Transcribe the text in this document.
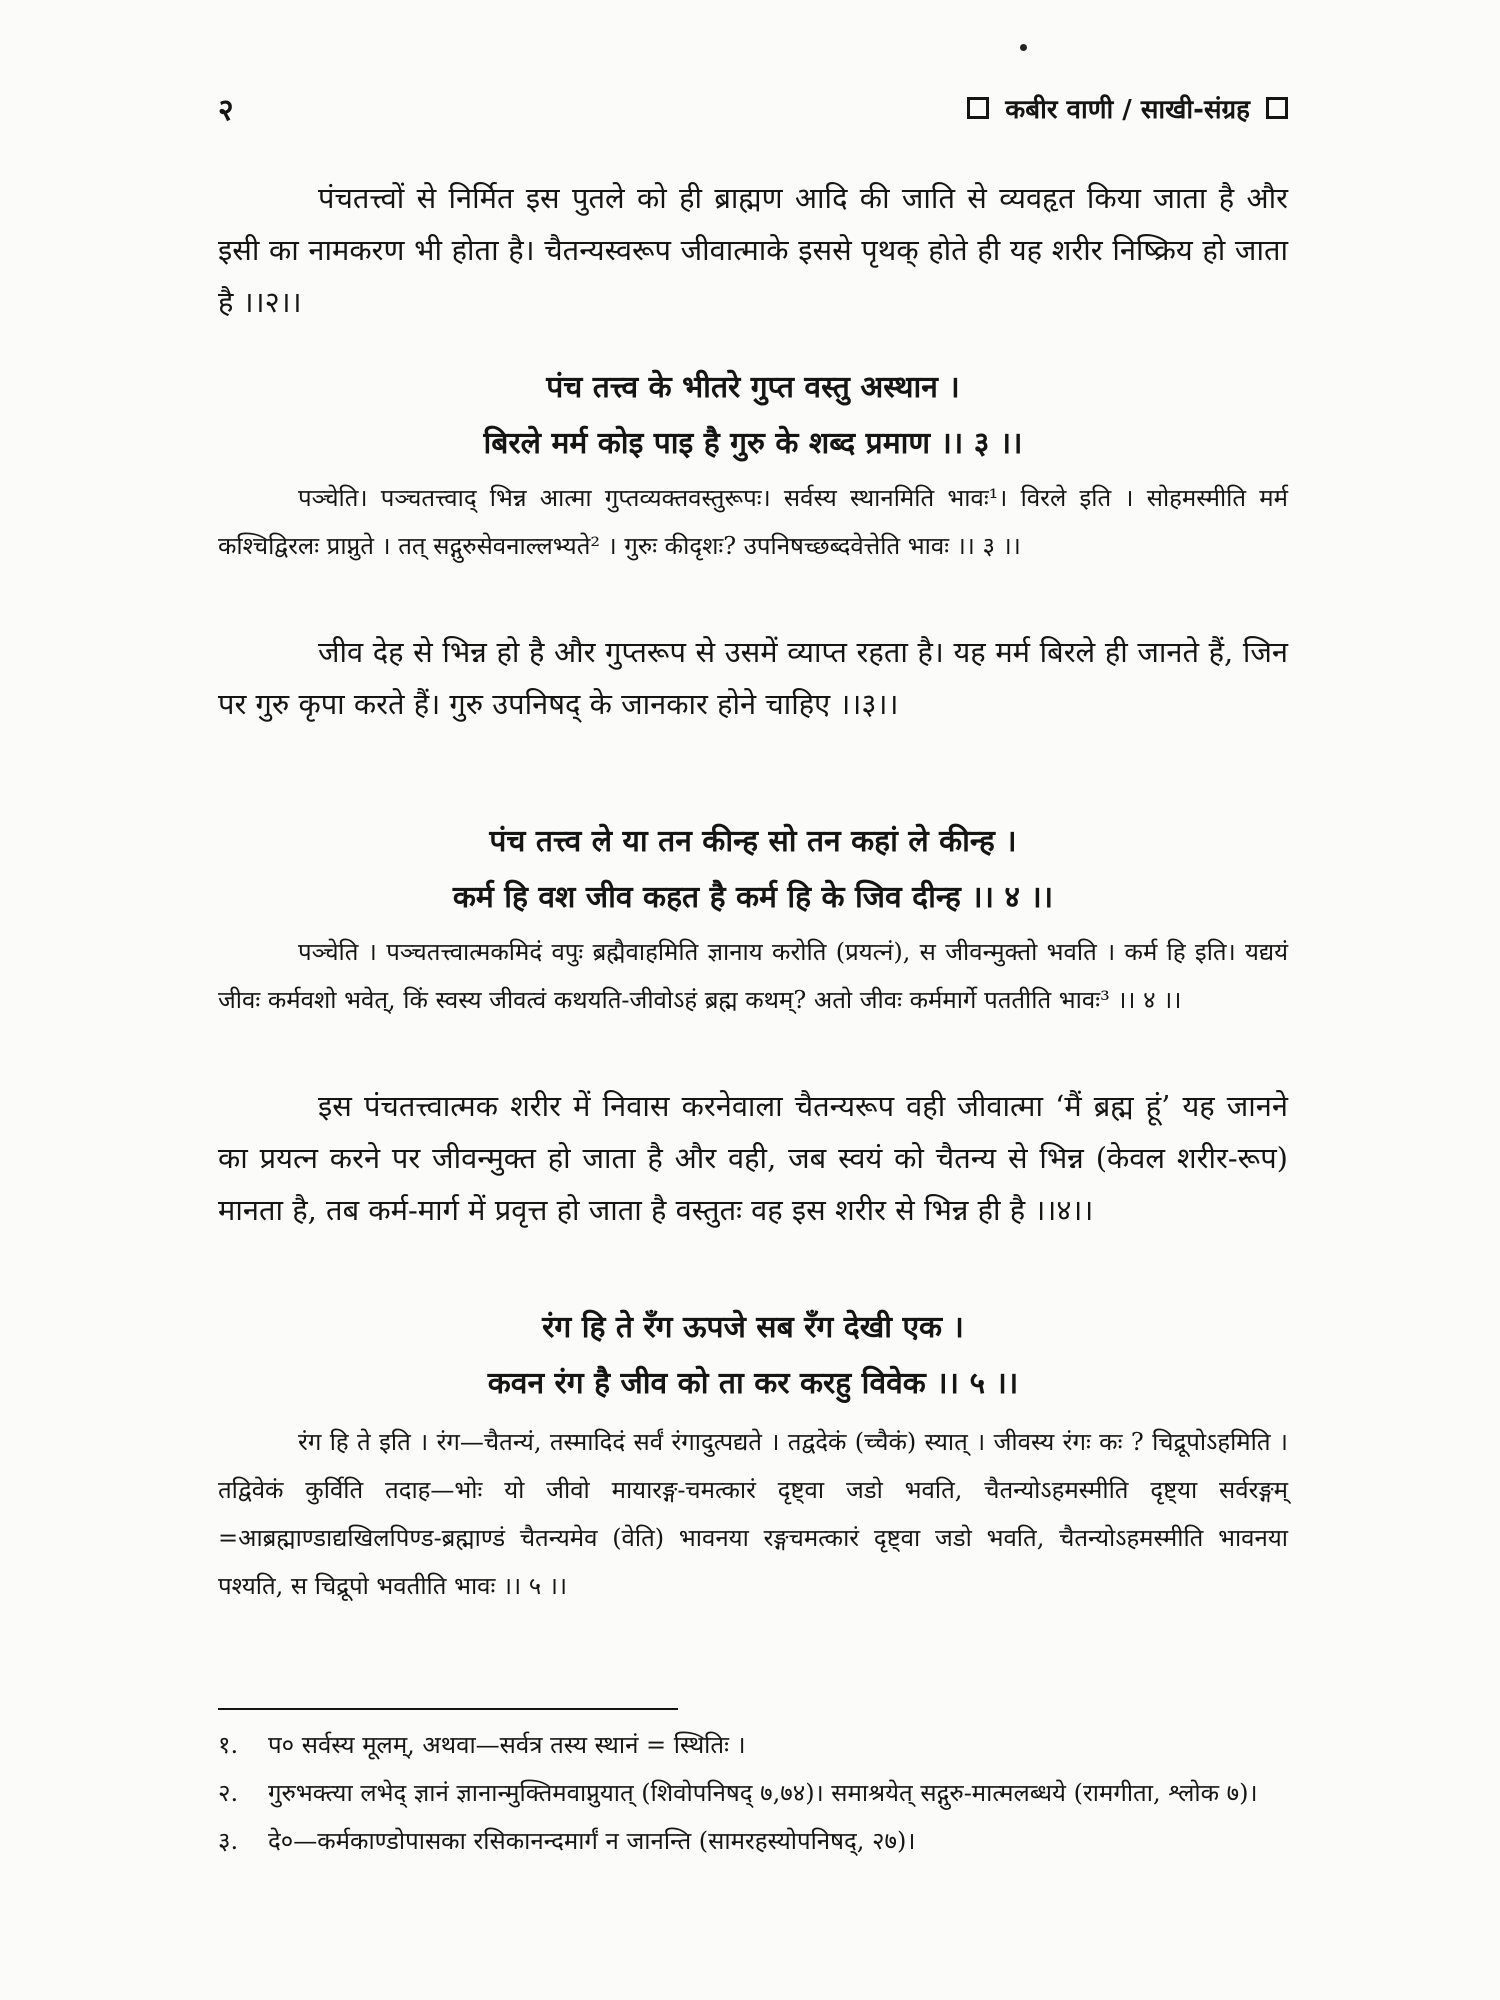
२	कबीर वाणी / साखी-संग्रह

पंचतत्त्वों से निर्मित इस पुतले को ही ब्राह्मण आदि की जाति से व्यवहृत किया जाता है और इसी का नामकरण भी होता है। चैतन्यस्वरूप जीवात्माके इससे पृथक् होते ही यह शरीर निष्क्रिय हो जाता है ।।२।।

पंच तत्त्व के भीतरे गुप्त वस्तु अस्थान ।
बिरले मर्म कोइ पाइ है गुरु के शब्द प्रमाण ।। ३ ।।

पञ्चेति। पञ्चतत्त्वाद् भिन्न आत्मा गुप्तव्यक्तवस्तुरूपः। सर्वस्य स्थानमिति भावः¹। विरले इति । सोहमस्मीति मर्म कश्चिद्विरलः प्राप्नुते । तत् सद्गुरुसेवनाल्लभ्यते² । गुरुः कीदृशः? उपनिषच्छब्दवेत्तेति भावः ।। ३ ।।

जीव देह से भिन्न हो है और गुप्तरूप से उसमें व्याप्त रहता है। यह मर्म बिरले ही जानते हैं, जिन पर गुरु कृपा करते हैं। गुरु उपनिषद् के जानकार होने चाहिए ।।३।।

पंच तत्त्व ले या तन कीन्ह सो तन कहां ले कीन्ह ।
कर्म हि वश जीव कहत है कर्म हि के जिव दीन्ह ।। ४ ।।

पञ्चेति । पञ्चतत्त्वात्मकमिदं वपुः ब्रह्मैवाहमिति ज्ञानाय करोति (प्रयत्नं), स जीवन्मुक्तो भवति । कर्म हि इति। यद्ययं जीवः कर्मवशो भवेत्, किं स्वस्य जीवत्वं कथयति-जीवोऽहं ब्रह्म कथम्? अतो जीवः कर्ममार्गे पततीति भावः³ ।। ४ ।।

इस पंचतत्त्वात्मक शरीर में निवास करनेवाला चैतन्यरूप वही जीवात्मा ‘मैं ब्रह्म हूं’ यह जानने का प्रयत्न करने पर जीवन्मुक्त हो जाता है और वही, जब स्वयं को चैतन्य से भिन्न (केवल शरीर-रूप) मानता है, तब कर्म-मार्ग में प्रवृत्त हो जाता है वस्तुतः वह इस शरीर से भिन्न ही है ।।४।।

रंग हि ते रँग ऊपजे सब रँग देखी एक ।
कवन रंग है जीव को ता कर करहु विवेक ।। ५ ।।

रंग हि ते इति । रंग—चैतन्यं, तस्मादिदं सर्वं रंगादुत्पद्यते । तद्वदेकं (च्चैकं) स्यात् । जीवस्य रंगः कः ? चिद्रूपोऽहमिति । तद्विवेकं कुर्विति तदाह—भोः यो जीवो मायारङ्ग-चमत्कारं दृष्ट्वा जडो भवति, चैतन्योऽहमस्मीति दृष्ट्या सर्वरङ्गम् =आब्रह्माण्डाद्यखिलपिण्ड-ब्रह्माण्डं चैतन्यमेव (वेति) भावनया रङ्गचमत्कारं दृष्ट्वा जडो भवति, चैतन्योऽहमस्मीति भावनया पश्यति, स चिद्रूपो भवतीति भावः ।। ५ ।।

१.	प० सर्वस्य मूलम्, अथवा—सर्वत्र तस्य स्थानं = स्थितिः ।
२.	गुरुभक्त्या लभेद् ज्ञानं ज्ञानान्मुक्तिमवाप्नुयात् (शिवोपनिषद् ७,७४)। समाश्रयेत् सद्गुरु-मात्मलब्धये (रामगीता, श्लोक ७)।
३.	दे०—कर्मकाण्डोपासका रसिकानन्दमार्गं न जानन्ति (सामरहस्योपनिषद्, २७)।
